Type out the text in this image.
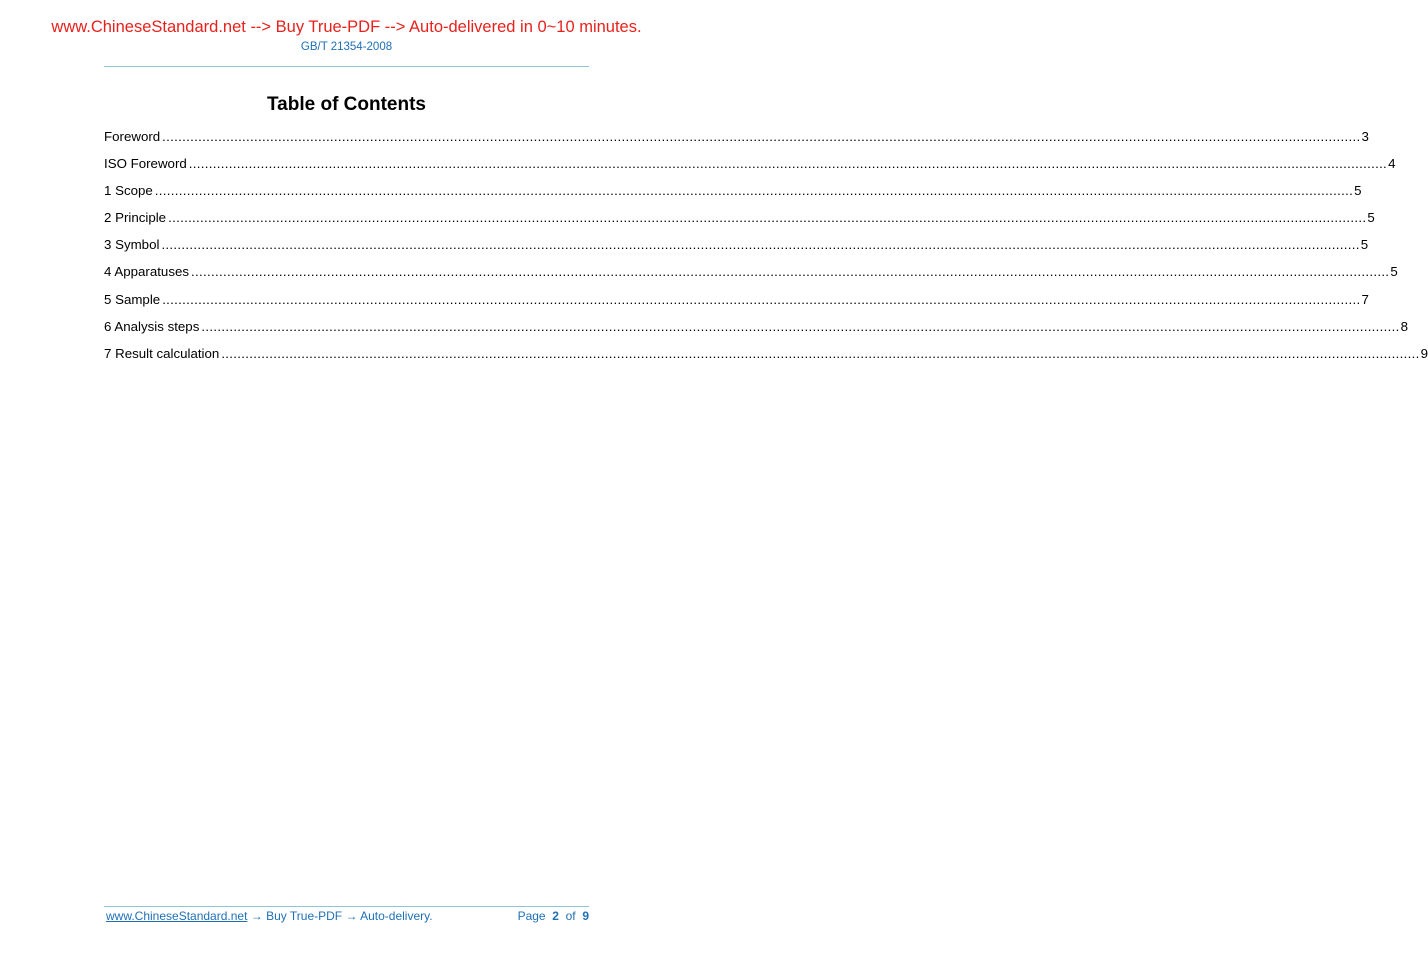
www.ChineseStandard.net --> Buy True-PDF --> Auto-delivered in 0~10 minutes.
GB/T 21354-2008
Table of Contents
Foreword ............................................................................................................................................................................................................................................................................................................ 3
ISO Foreword ............................................................................................................................................................................................................................................................................................................ 4
1 Scope ............................................................................................................................................................................................................................................................................................................ 5
2 Principle ............................................................................................................................................................................................................................................................................................................ 5
3 Symbol ............................................................................................................................................................................................................................................................................................................ 5
4 Apparatuses ............................................................................................................................................................................................................................................................................................................ 5
5 Sample ............................................................................................................................................................................................................................................................................................................ 7
6 Analysis steps ............................................................................................................................................................................................................................................................................................................ 8
7 Result calculation ............................................................................................................................................................................................................................................................................................................ 9
www.ChineseStandard.net → Buy True-PDF → Auto-delivery.	Page 2 of 9
